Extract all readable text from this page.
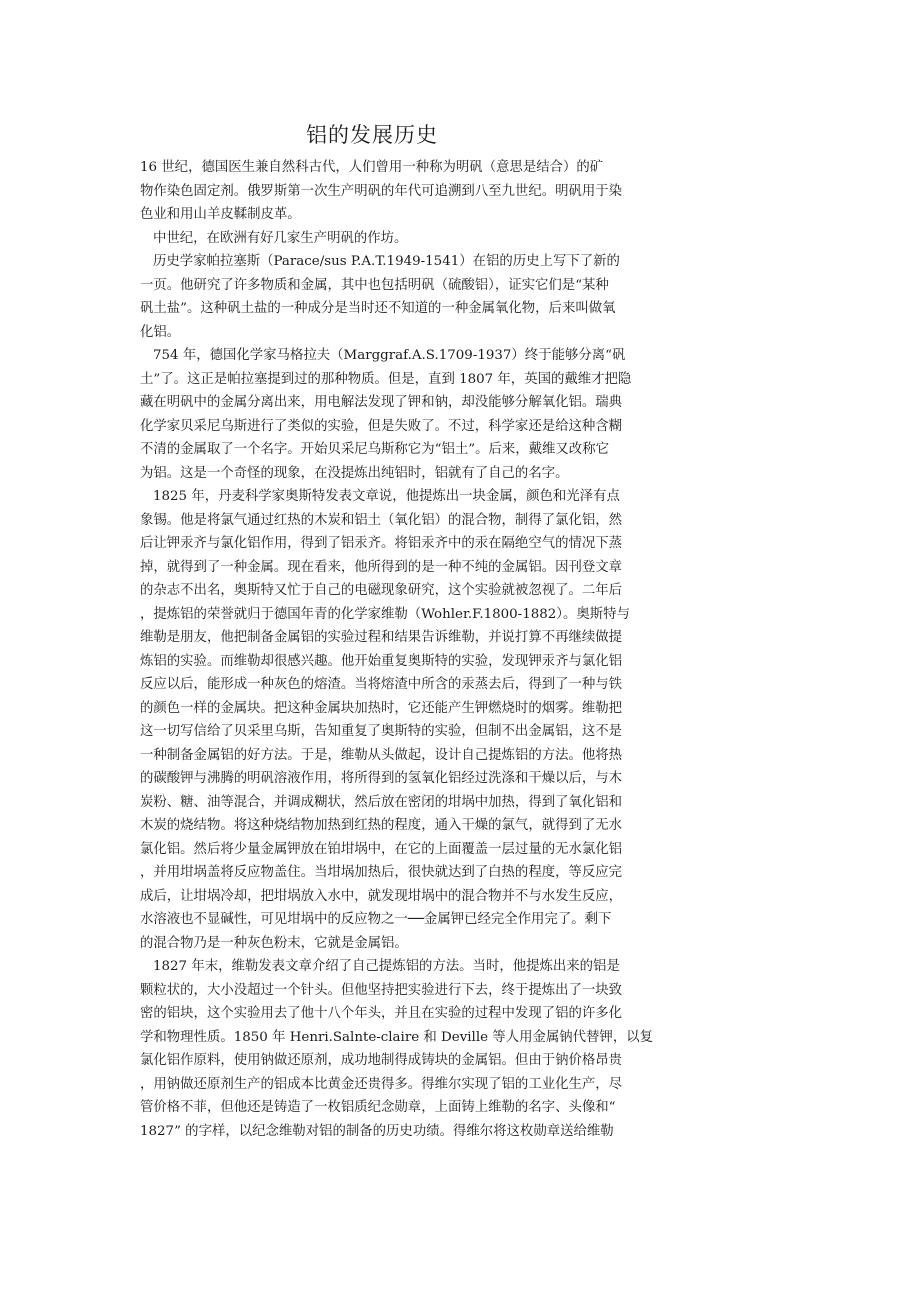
铝的发展历史
16 世纪，德国医生兼自然科古代，人们曾用一种称为明矾（意思是结合）的矿
物作染色固定剂。俄罗斯第一次生产明矾的年代可追溯到八至九世纪。明矾用于染
色业和用山羊皮鞣制皮革。
中世纪，在欧洲有好几家生产明矾的作坊。
历史学家帕拉塞斯（Parace/sus P.A.T.1949-1541）在铝的历史上写下了新的
一页。他研究了许多物质和金属，其中也包括明矾（硫酸铝），证实它们是“某种
矾土盐”。这种矾土盐的一种成分是当时还不知道的一种金属氧化物，后来叫做氧
化铝。
754 年，德国化学家马格拉夫（Marggraf.A.S.1709-1937）终于能够分离“矾
土”了。这正是帕拉塞提到过的那种物质。但是，直到 1807 年，英国的戴维才把隐
藏在明矾中的金属分离出来，用电解法发现了钾和钠，却没能够分解氧化铝。瑞典
化学家贝采尼乌斯进行了类似的实验，但是失败了。不过，科学家还是给这种含糊
不清的金属取了一个名字。开始贝采尼乌斯称它为“铝土”。后来，戴维又改称它
为铝。这是一个奇怪的现象，在没提炼出纯铝时，铝就有了自己的名字。
1825 年，丹麦科学家奥斯特发表文章说，他提炼出一块金属，颜色和光泽有点
象锡。他是将氯气通过红热的木炭和铝土（氧化铝）的混合物，制得了氯化铝，然
后让钾汞齐与氯化铝作用，得到了铝汞齐。将铝汞齐中的汞在隔绝空气的情况下蒸
掉，就得到了一种金属。现在看来，他所得到的是一种不纯的金属铝。因刊登文章
的杂志不出名，奥斯特又忙于自己的电磁现象研究，这个实验就被忽视了。二年后
，提炼铝的荣誉就归于德国年青的化学家维勒（Wohler.F.1800-1882）。奥斯特与
维勒是朋友，他把制备金属铝的实验过程和结果告诉维勒，并说打算不再继续做提
炼铝的实验。而维勒却很感兴趣。他开始重复奥斯特的实验，发现钾汞齐与氯化铝
反应以后，能形成一种灰色的熔渣。当将熔渣中所含的汞蒸去后，得到了一种与铁
的颜色一样的金属块。把这种金属块加热时，它还能产生钾燃烧时的烟雾。维勒把
这一切写信给了贝采里乌斯，告知重复了奥斯特的实验，但制不出金属铝，这不是
一种制备金属铝的好方法。于是，维勒从头做起，设计自己提炼铝的方法。他将热
的碳酸钾与沸腾的明矾溶液作用，将所得到的氢氧化铝经过洗涤和干燥以后，与木
炭粉、糖、油等混合，并调成糊状，然后放在密闭的坩埚中加热，得到了氧化铝和
木炭的烧结物。将这种烧结物加热到红热的程度，通入干燥的氯气，就得到了无水
氯化铝。然后将少量金属钾放在铂坩埚中，在它的上面覆盖一层过量的无水氯化铝
，并用坩埚盖将反应物盖住。当坩埚加热后，很快就达到了白热的程度，等反应完
成后，让坩埚冷却，把坩埚放入水中，就发现坩埚中的混合物并不与水发生反应，
水溶液也不显碱性，可见坩埚中的反应物之一──金属钾已经完全作用完了。剩下
的混合物乃是一种灰色粉末，它就是金属铝。
1827 年末，维勒发表文章介绍了自己提炼铝的方法。当时，他提炼出来的铝是
颗粒状的，大小没超过一个针头。但他坚持把实验进行下去，终于提炼出了一块致
密的铝块，这个实验用去了他十八个年头，并且在实验的过程中发现了铝的许多化
学和物理性质。1850 年 Henri.Salnte-claire 和 Deville 等人用金属钠代替钾，以复
氯化铝作原料，使用钠做还原剂，成功地制得成铸块的金属铝。但由于钠价格昂贵
，用钠做还原剂生产的铝成本比黄金还贵得多。得维尔实现了铝的工业化生产，尽
管价格不菲，但他还是铸造了一枚铝质纪念勋章，上面铸上维勒的名字、头像和“
1827” 的字样，以纪念维勒对铝的制备的历史功绩。得维尔将这枚勋章送给维勒
